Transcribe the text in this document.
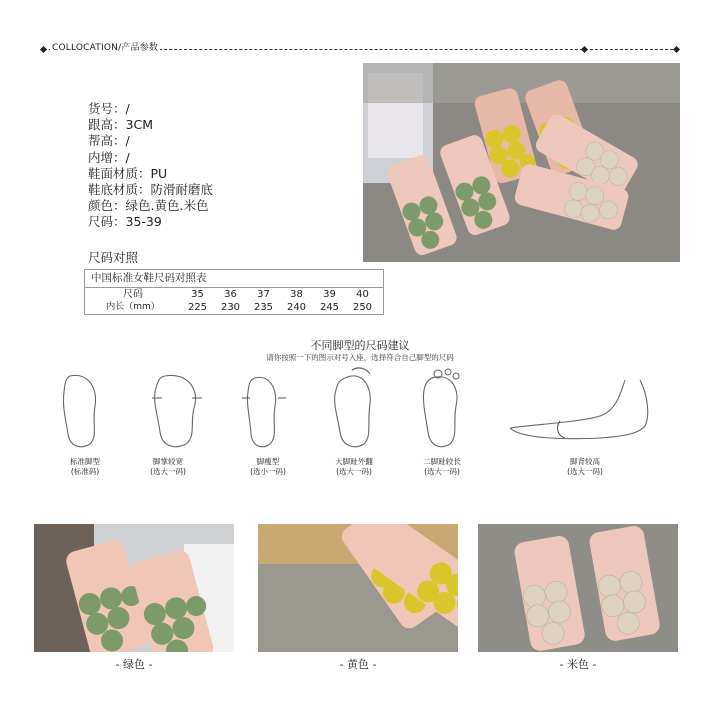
COLLOCATION/产品参数
货号：/
跟高：3CM
帮高：/
内增：/
鞋面材质：PU
鞋底材质：防滑耐磨底
颜色：绿色.黄色.米色
尺码：35-39
尺码对照
中国标准女鞋尺码对照表
尺码	35	36	37	38	39	40
内长（mm）	225	230	235	240	245	250
不同脚型的尺码建议
请你按照一下的图示对号入座，选择符合自己脚型的尺码
标准脚型
(标准码)
脚掌较宽
(选大一码)
脚瘦型
(选小一码)
大脚趾外翻
(选大一码)
二脚趾较长
(选大一码)
脚背较高
(选大一码)
- 绿色 -	- 黄色 -	- 米色 -
